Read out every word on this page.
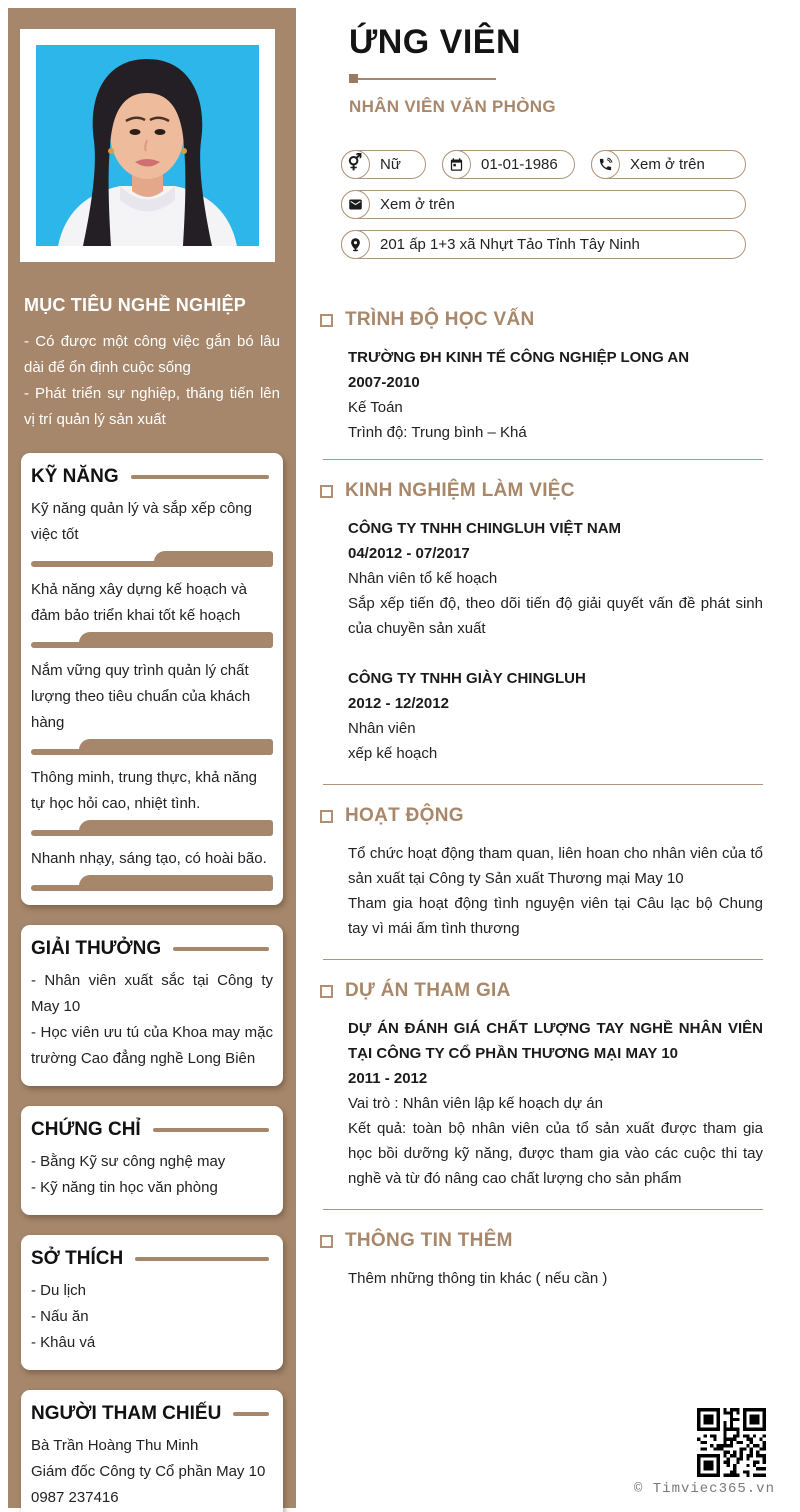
MỤC TIÊU NGHỀ NGHIỆP
- Có được một công việc gắn bó lâu dài để ổn định cuộc sống
- Phát triển sự nghiệp, thăng tiến lên vị trí quản lý sản xuất
KỸ NĂNG
Kỹ năng quản lý và sắp xếp công việc tốt
Khả năng xây dựng kế hoạch và đảm bảo triển khai tốt kế hoạch
Nắm vững quy trình quản lý chất lượng theo tiêu chuẩn của khách hàng
Thông minh, trung thực, khả năng tự học hỏi cao, nhiệt tình.
Nhanh nhạy, sáng tạo, có hoài bão.
GIẢI THƯỞNG
- Nhân viên xuất sắc tại Công ty May 10
- Học viên ưu tú của Khoa may mặc trường Cao đẳng nghề Long Biên
CHỨNG CHỈ
- Bằng Kỹ sư công nghệ may
- Kỹ năng tin học văn phòng
SỞ THÍCH
- Du lịch
- Nấu ăn
- Khâu vá
NGƯỜI THAM CHIẾU
Bà Trần Hoàng Thu Minh
Giám đốc Công ty Cổ phần May 10
0987 237416
ỨNG VIÊN
NHÂN VIÊN VĂN PHÒNG
⚥ Nữ	01-01-1986	Xem ở trên
Xem ở trên
201 ấp 1+3 xã Nhựt Tảo Tỉnh Tây Ninh
TRÌNH ĐỘ HỌC VẤN
TRƯỜNG ĐH KINH TẾ CÔNG NGHIỆP LONG AN
2007-2010
Kế Toán
Trình độ: Trung bình – Khá
KINH NGHIỆM LÀM VIỆC
CÔNG TY TNHH CHINGLUH VIỆT NAM
04/2012 - 07/2017
Nhân viên tổ kế hoạch
Sắp xếp tiến độ, theo dõi tiến độ giải quyết vấn đề phát sinh của chuyền sản xuất
CÔNG TY TNHH GIÀY CHINGLUH
2012 - 12/2012
Nhân viên
xếp kế hoạch
HOẠT ĐỘNG
Tổ chức hoạt động tham quan, liên hoan cho nhân viên của tổ sản xuất tại Công ty Sản xuất Thương mại May 10
Tham gia hoạt động tình nguyện viên tại Câu lạc bộ Chung tay vì mái ấm tình thương
DỰ ÁN THAM GIA
DỰ ÁN ĐÁNH GIÁ CHẤT LƯỢNG TAY NGHỀ NHÂN VIÊN TẠI CÔNG TY CỔ PHẦN THƯƠNG MẠI MAY 10
2011 - 2012
Vai trò : Nhân viên lập kế hoạch dự án
Kết quả: toàn bộ nhân viên của tổ sản xuất được tham gia học bồi dưỡng kỹ năng, được tham gia vào các cuộc thi tay nghề và từ đó nâng cao chất lượng cho sản phẩm
THÔNG TIN THÊM
Thêm những thông tin khác ( nếu cần )
© Timviec365.vn
